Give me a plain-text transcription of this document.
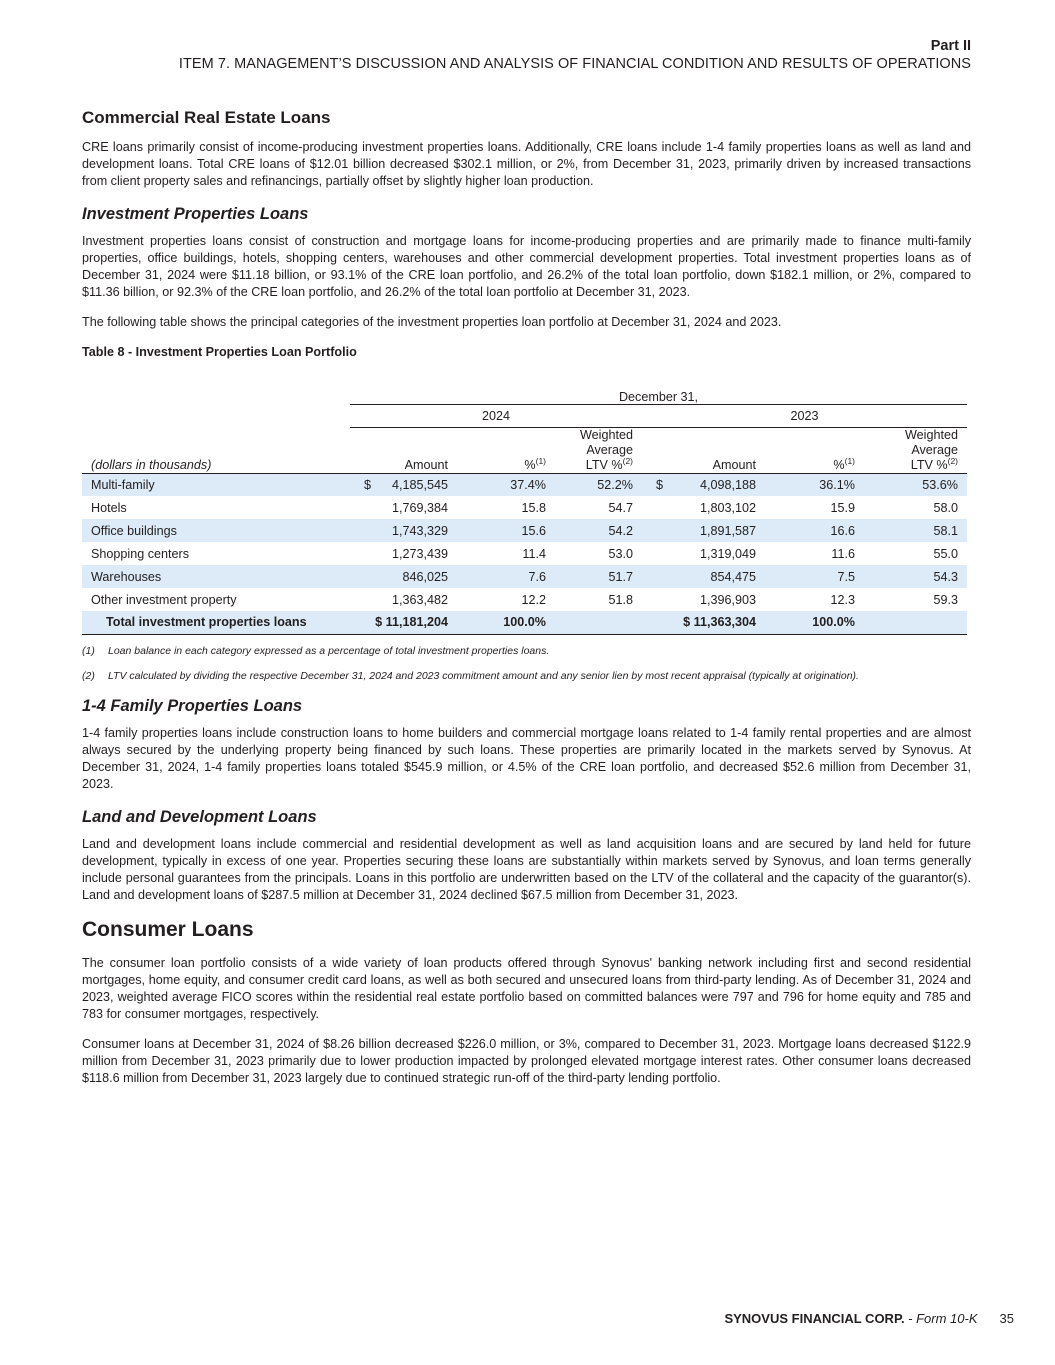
Part II
ITEM 7. MANAGEMENT’S DISCUSSION AND ANALYSIS OF FINANCIAL CONDITION AND RESULTS OF OPERATIONS
Commercial Real Estate Loans

CRE loans primarily consist of income-producing investment properties loans. Additionally, CRE loans include 1-4 family properties loans as well as land and development loans. Total CRE loans of $12.01 billion decreased $302.1 million, or 2%, from December 31, 2023, primarily driven by increased transactions from client property sales and refinancings, partially offset by slightly higher loan production.

Investment Properties Loans

Investment properties loans consist of construction and mortgage loans for income-producing properties and are primarily made to finance multi-family properties, office buildings, hotels, shopping centers, warehouses and other commercial development properties. Total investment properties loans as of December 31, 2024 were $11.18 billion, or 93.1% of the CRE loan portfolio, and 26.2% of the total loan portfolio, down $182.1 million, or 2%, compared to $11.36 billion, or 92.3% of the CRE loan portfolio, and 26.2% of the total loan portfolio at December 31, 2023.

The following table shows the principal categories of the investment properties loan portfolio at December 31, 2024 and 2023.

Table 8 - Investment Properties Loan Portfolio

	December 31,					
	2024			2023		
(dollars in thousands)	Amount	%$^{(1)}$	Weighted
Average
LTV %$^{(2)}$	Amount	%$^{(1)}$	Weighted
Average
LTV %$^{(2)}$
Multi-family	$ 4,185,545	37.4%	52.2%	$ 4,098,188	36.1%	53.6%
Hotels	1,769,384	15.8	54.7	1,803,102	15.9	58.0
Office buildings	1,743,329	15.6	54.2	1,891,587	16.6	58.1
Shopping centers	1,273,439	11.4	53.0	1,319,049	11.6	55.0
Warehouses	846,025	7.6	51.7	854,475	7.5	54.3
Other investment property	1,363,482	12.2	51.8	1,396,903	12.3	59.3
Total investment properties loans	$ 11,181,204	100.0%		$ 11,363,304	100.0%	
(1)	Loan balance in each category expressed as a percentage of total investment properties loans.
(2)	LTV calculated by dividing the respective December 31, 2024 and 2023 commitment amount and any senior lien by most recent appraisal (typically at origination).
1-4 Family Properties Loans

1-4 family properties loans include construction loans to home builders and commercial mortgage loans related to 1-4 family rental properties and are almost always secured by the underlying property being financed by such loans. These properties are primarily located in the markets served by Synovus. At December 31, 2024, 1-4 family properties loans totaled $545.9 million, or 4.5% of the CRE loan portfolio, and decreased $52.6 million from December 31, 2023.

Land and Development Loans

Land and development loans include commercial and residential development as well as land acquisition loans and are secured by land held for future development, typically in excess of one year. Properties securing these loans are substantially within markets served by Synovus, and loan terms generally include personal guarantees from the principals. Loans in this portfolio are underwritten based on the LTV of the collateral and the capacity of the guarantor(s). Land and development loans of $287.5 million at December 31, 2024 declined $67.5 million from December 31, 2023.

Consumer Loans

The consumer loan portfolio consists of a wide variety of loan products offered through Synovus' banking network including first and second residential mortgages, home equity, and consumer credit card loans, as well as both secured and unsecured loans from third-party lending. As of December 31, 2024 and 2023, weighted average FICO scores within the residential real estate portfolio based on committed balances were 797 and 796 for home equity and 785 and 783 for consumer mortgages, respectively.

Consumer loans at December 31, 2024 of $8.26 billion decreased $226.0 million, or 3%, compared to December 31, 2023. Mortgage loans decreased $122.9 million from December 31, 2023 primarily due to lower production impacted by prolonged elevated mortgage interest rates. Other consumer loans decreased $118.6 million from December 31, 2023 largely due to continued strategic run-off of the third-party lending portfolio.

SYNOVUS FINANCIAL CORP. - Form 10-K 35
